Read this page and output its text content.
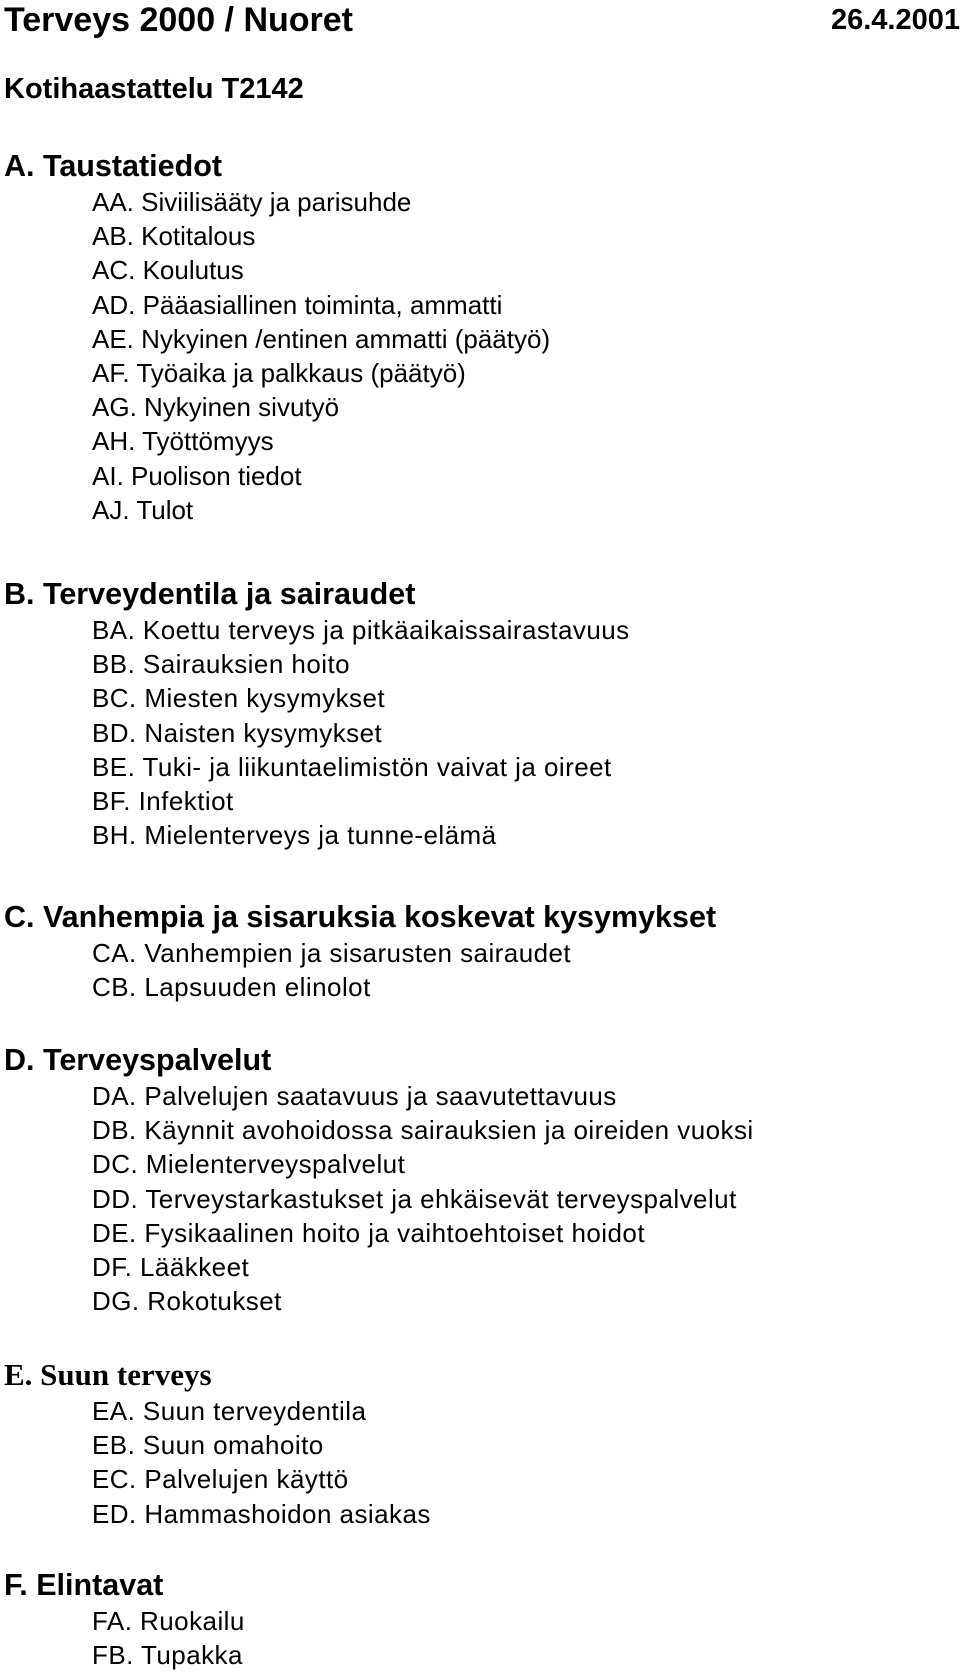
Terveys 2000 / Nuoret	26.4.2001
Kotihaastattelu T2142
A. Taustatiedot
AA. Siviilisääty ja parisuhde
AB. Kotitalous
AC. Koulutus
AD. Pääasiallinen toiminta, ammatti
AE. Nykyinen /entinen ammatti (päätyö)
AF. Työaika ja palkkaus (päätyö)
AG. Nykyinen sivutyö
AH. Työttömyys
AI. Puolison tiedot
AJ. Tulot
B. Terveydentila ja sairaudet
BA. Koettu terveys ja pitkäaikaissairastavuus
BB. Sairauksien hoito
BC. Miesten kysymykset
BD. Naisten kysymykset
BE. Tuki- ja liikuntaelimistön vaivat ja oireet
BF. Infektiot
BH. Mielenterveys ja tunne-elämä
C. Vanhempia ja sisaruksia koskevat kysymykset
CA. Vanhempien ja sisarusten sairaudet
CB. Lapsuuden elinolot
D. Terveyspalvelut
DA. Palvelujen saatavuus ja saavutettavuus
DB. Käynnit avohoidossa sairauksien ja oireiden vuoksi
DC. Mielenterveyspalvelut
DD. Terveystarkastukset ja ehkäisevät terveyspalvelut
DE. Fysikaalinen hoito ja vaihtoehtoiset hoidot
DF. Lääkkeet
DG. Rokotukset
E. Suun terveys
EA. Suun terveydentila
EB. Suun omahoito
EC. Palvelujen käyttö
ED. Hammashoidon asiakas
F. Elintavat
FA. Ruokailu
FB. Tupakka
